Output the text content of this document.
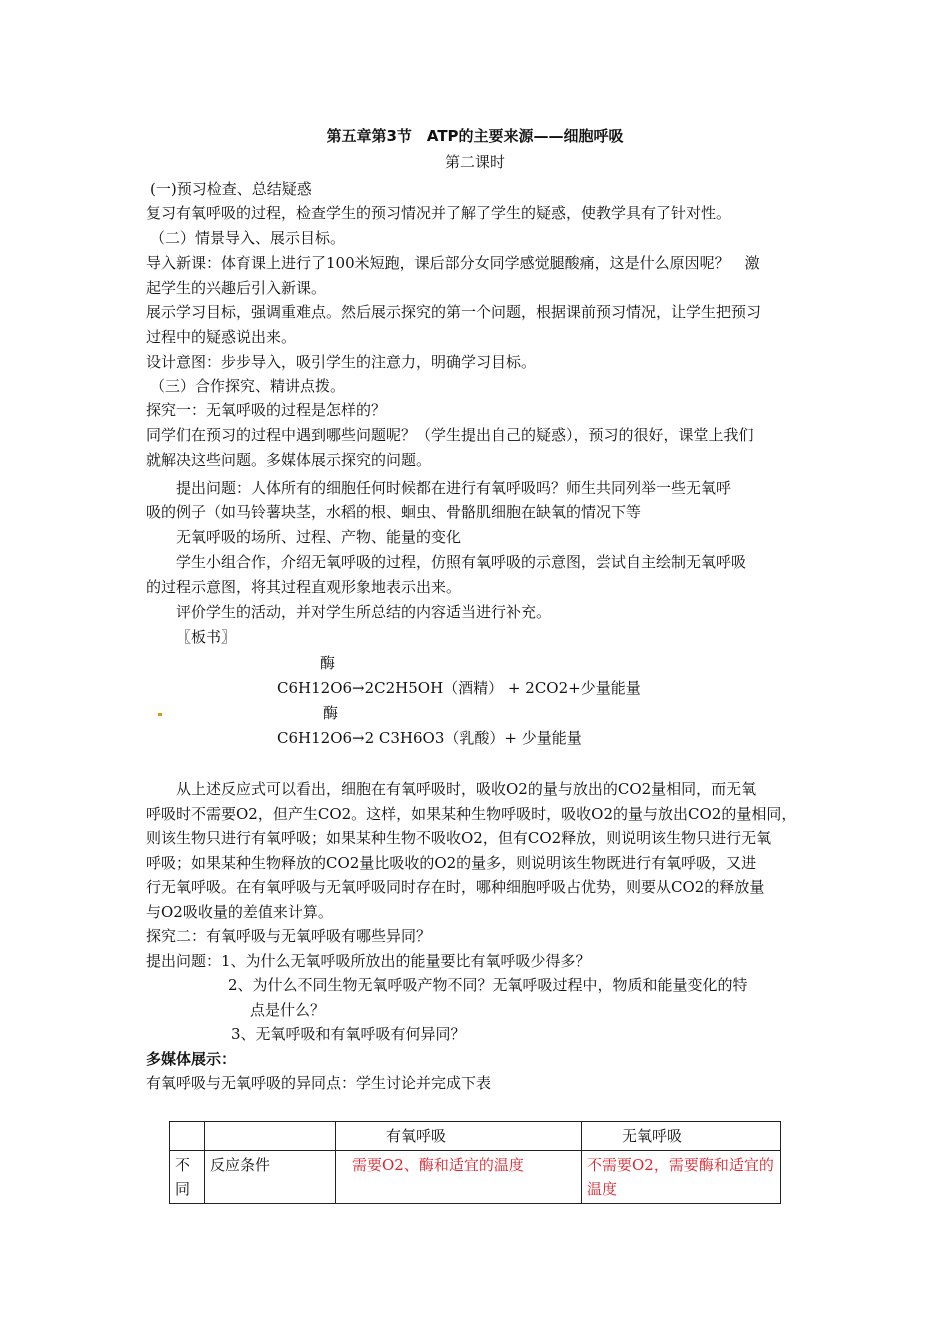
第五章第3节　ATP的主要来源——细胞呼吸
第二课时
(一)预习检查、总结疑惑
复习有氧呼吸的过程，检查学生的预习情况并了解了学生的疑惑，使教学具有了针对性。
（二）情景导入、展示目标。
导入新课：体育课上进行了100米短跑，课后部分女同学感觉腿酸痛，这是什么原因呢？　激
起学生的兴趣后引入新课。
展示学习目标，强调重难点。然后展示探究的第一个问题，根据课前预习情况，让学生把预习
过程中的疑惑说出来。
设计意图：步步导入，吸引学生的注意力，明确学习目标。
（三）合作探究、精讲点拨。
探究一：无氧呼吸的过程是怎样的？
同学们在预习的过程中遇到哪些问题呢？（学生提出自己的疑惑），预习的很好，课堂上我们
就解决这些问题。多媒体展示探究的问题。
提出问题：人体所有的细胞任何时候都在进行有氧呼吸吗？师生共同列举一些无氧呼
吸的例子（如马铃薯块茎，水稻的根、蛔虫、骨骼肌细胞在缺氧的情况下等
无氧呼吸的场所、过程、产物、能量的变化
学生小组合作，介绍无氧呼吸的过程，仿照有氧呼吸的示意图，尝试自主绘制无氧呼吸
的过程示意图，将其过程直观形象地表示出来。
评价学生的活动，并对学生所总结的内容适当进行补充。
〖板书〗
酶
C6H12O6→2C2H5OH（酒精） + 2CO2+少量能量
酶
C6H12O6→2 C3H6O3（乳酸）+ 少量能量
从上述反应式可以看出，细胞在有氧呼吸时，吸收O2的量与放出的CO2量相同，而无氧
呼吸时不需要O2，但产生CO2。这样，如果某种生物呼吸时，吸收O2的量与放出CO2的量相同，
则该生物只进行有氧呼吸；如果某种生物不吸收O2，但有CO2释放，则说明该生物只进行无氧
呼吸；如果某种生物释放的CO2量比吸收的O2的量多，则说明该生物既进行有氧呼吸，又进
行无氧呼吸。在有氧呼吸与无氧呼吸同时存在时，哪种细胞呼吸占优势，则要从CO2的释放量
与O2吸收量的差值来计算。
探究二：有氧呼吸与无氧呼吸有哪些异同？
提出问题：1、为什么无氧呼吸所放出的能量要比有氧呼吸少得多？
2、为什么不同生物无氧呼吸产物不同？无氧呼吸过程中，物质和能量变化的特
点是什么？
3、无氧呼吸和有氧呼吸有何异同？
多媒体展示：
有氧呼吸与无氧呼吸的异同点：学生讨论并完成下表
		有氧呼吸	无氧呼吸
不同	反应条件	需要O2、酶和适宜的温度	不需要O2，需要酶和适宜的温度
